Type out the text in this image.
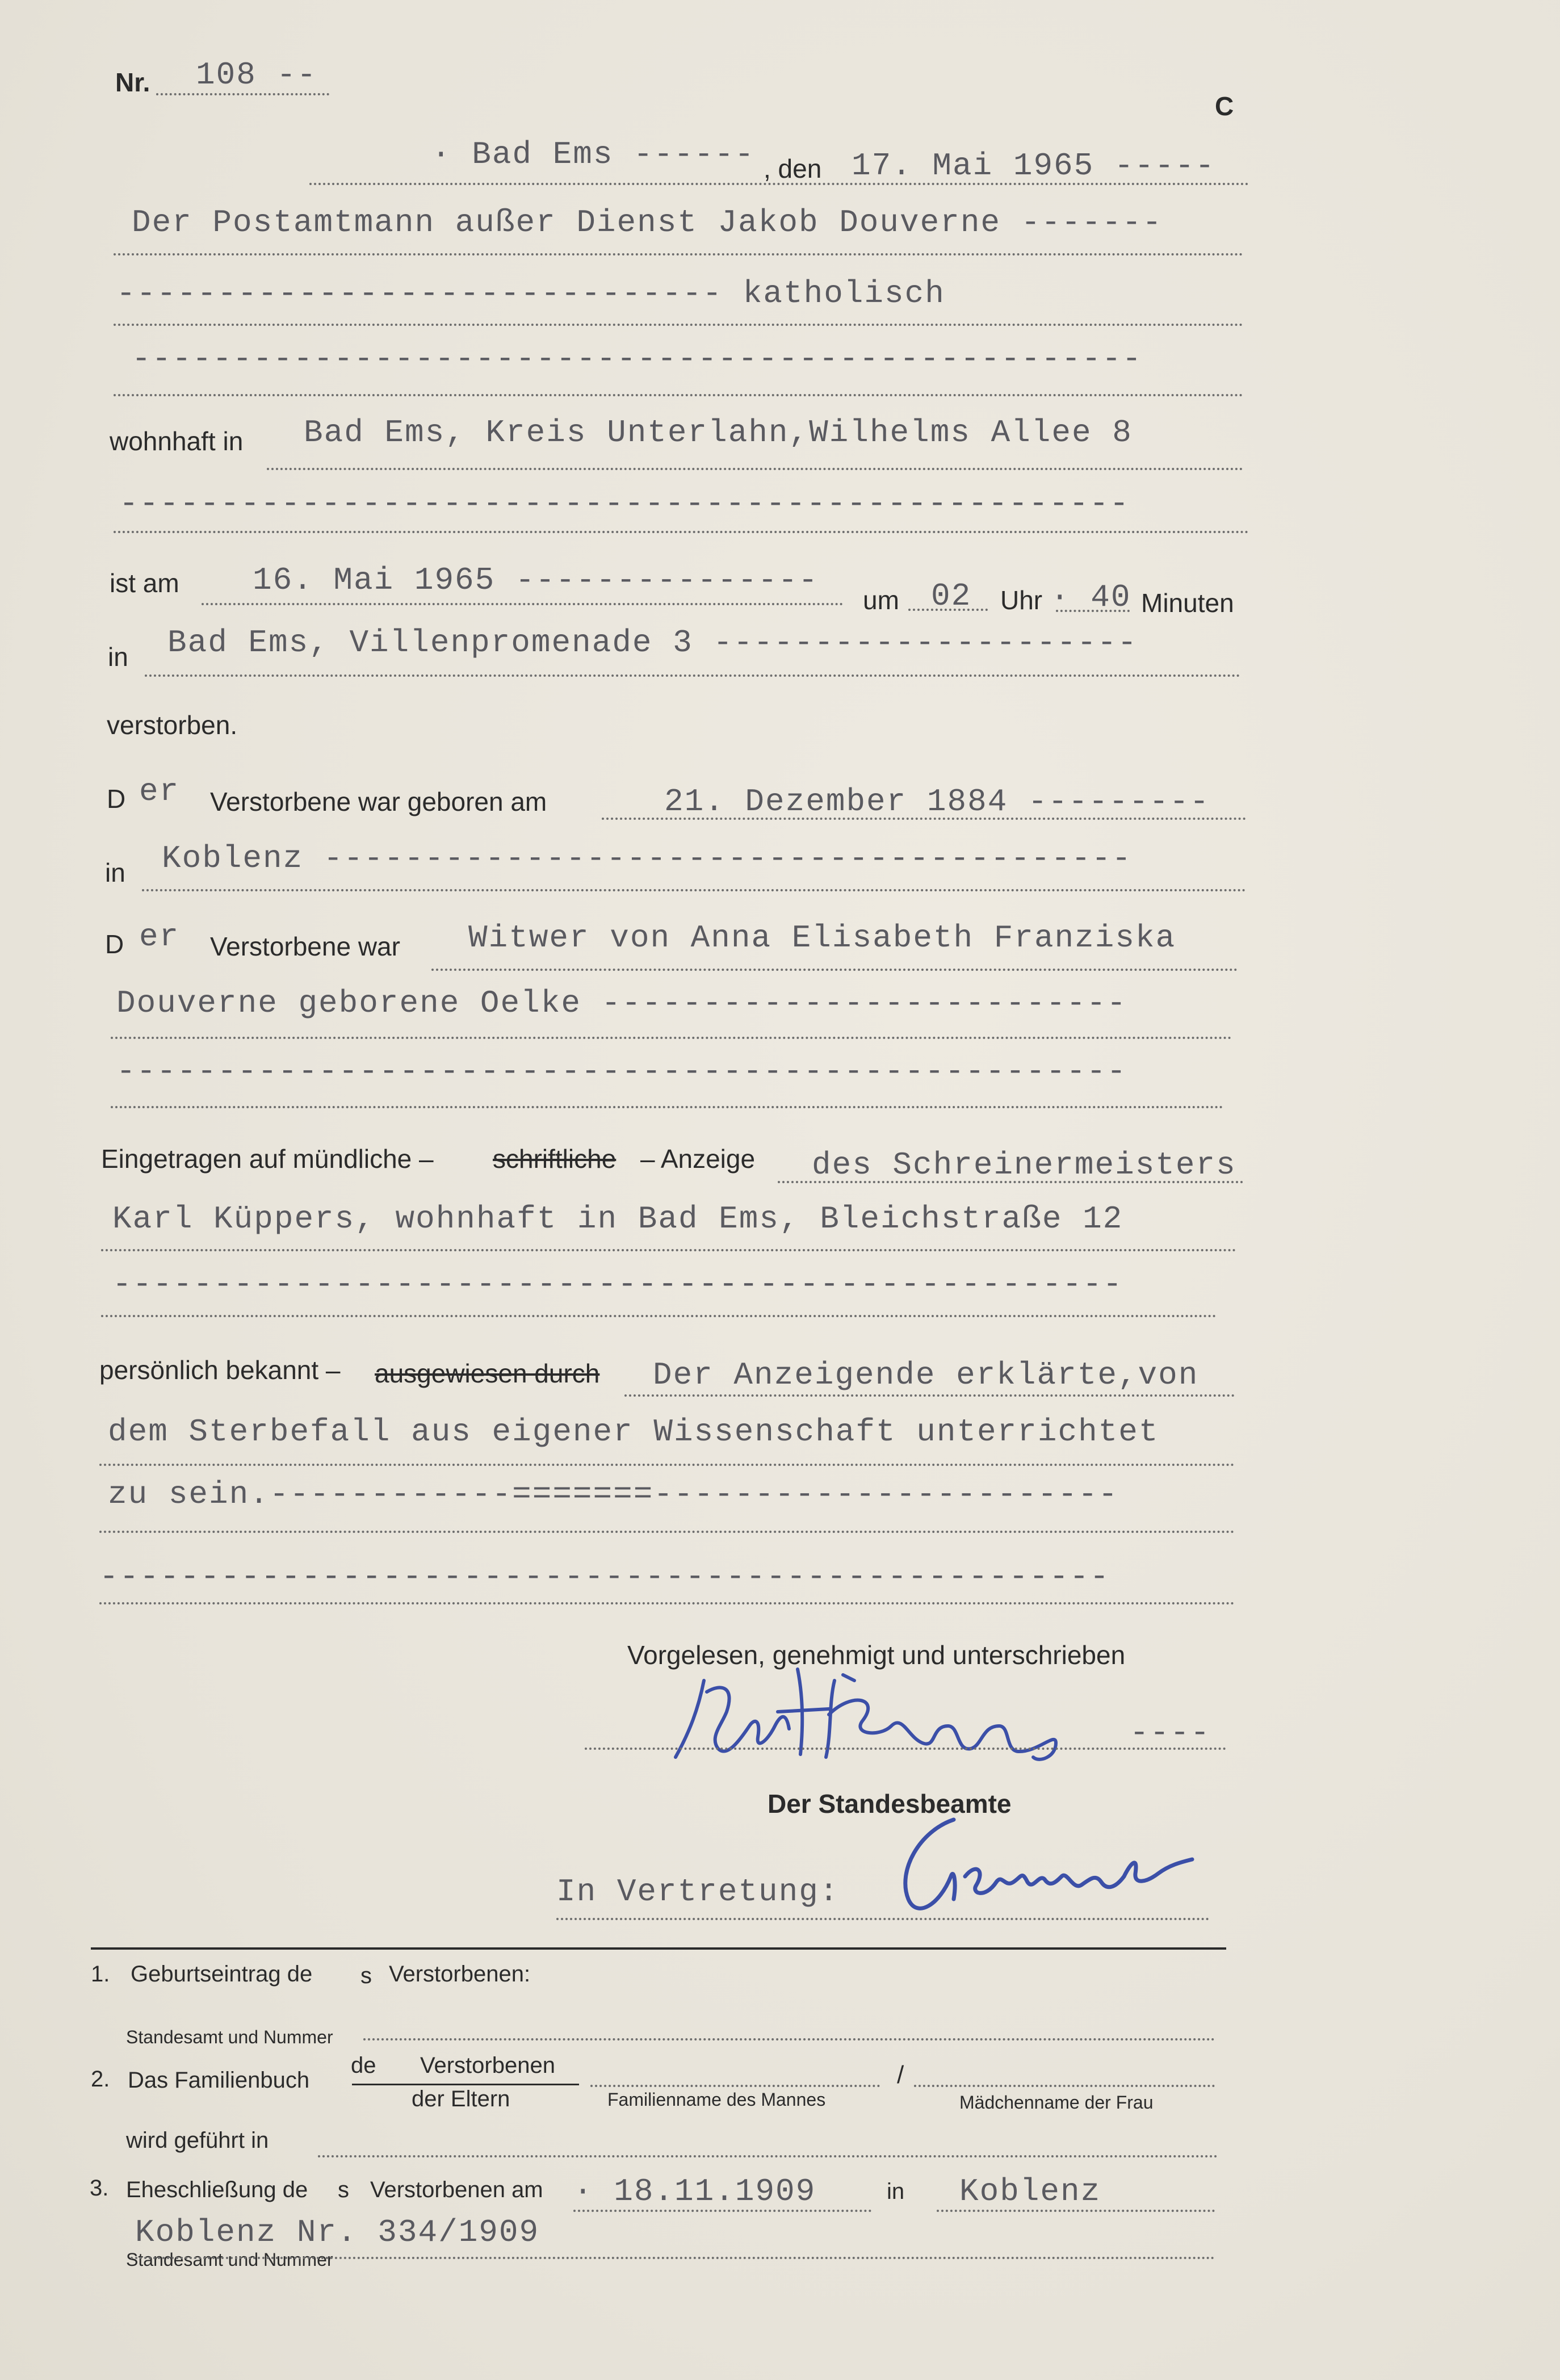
Nr. 108 --
C
· Bad Ems ------ , den 17. Mai 1965 -----
Der Postamtmann außer Dienst Jakob Douverne -------
------------------------------ katholisch
--------------------------------------------------
wohnhaft in Bad Ems, Kreis Unterlahn,Wilhelms Allee 8
--------------------------------------------------
ist am 16. Mai 1965 ---------------
um 02 Uhr · 40 Minuten
in Bad Ems, Villenpromenade 3 ---------------------
verstorben.
D er Verstorbene war geboren am	21. Dezember 1884 ---------
in Koblenz ----------------------------------------
D er Verstorbene war Witwer von Anna Elisabeth Franziska
Douverne geborene Oelke --------------------------
--------------------------------------------------
Eingetragen auf mündliche – schriftliche – Anzeige des Schreinermeisters
Karl Küppers, wohnhaft in Bad Ems, Bleichstraße 12
--------------------------------------------------
persönlich bekannt – ausgewiesen durch Der Anzeigende erklärte,von
dem Sterbefall aus eigener Wissenschaft unterrichtet
zu sein.------------=======-----------------------
--------------------------------------------------
Vorgelesen, genehmigt und unterschrieben
----
Der Standesbeamte
In Vertretung:
1. Geburtseintrag de s Verstorbenen:
Standesamt und Nummer
2. Das Familienbuch
de Verstorbenen
der Eltern	Familienname des Mannes
/
Mädchenname der Frau
wird geführt in
3. Eheschließung de s Verstorbenen am · 18.11.1909	in Koblenz
Koblenz Nr. 334/1909
Standesamt und Nummer
